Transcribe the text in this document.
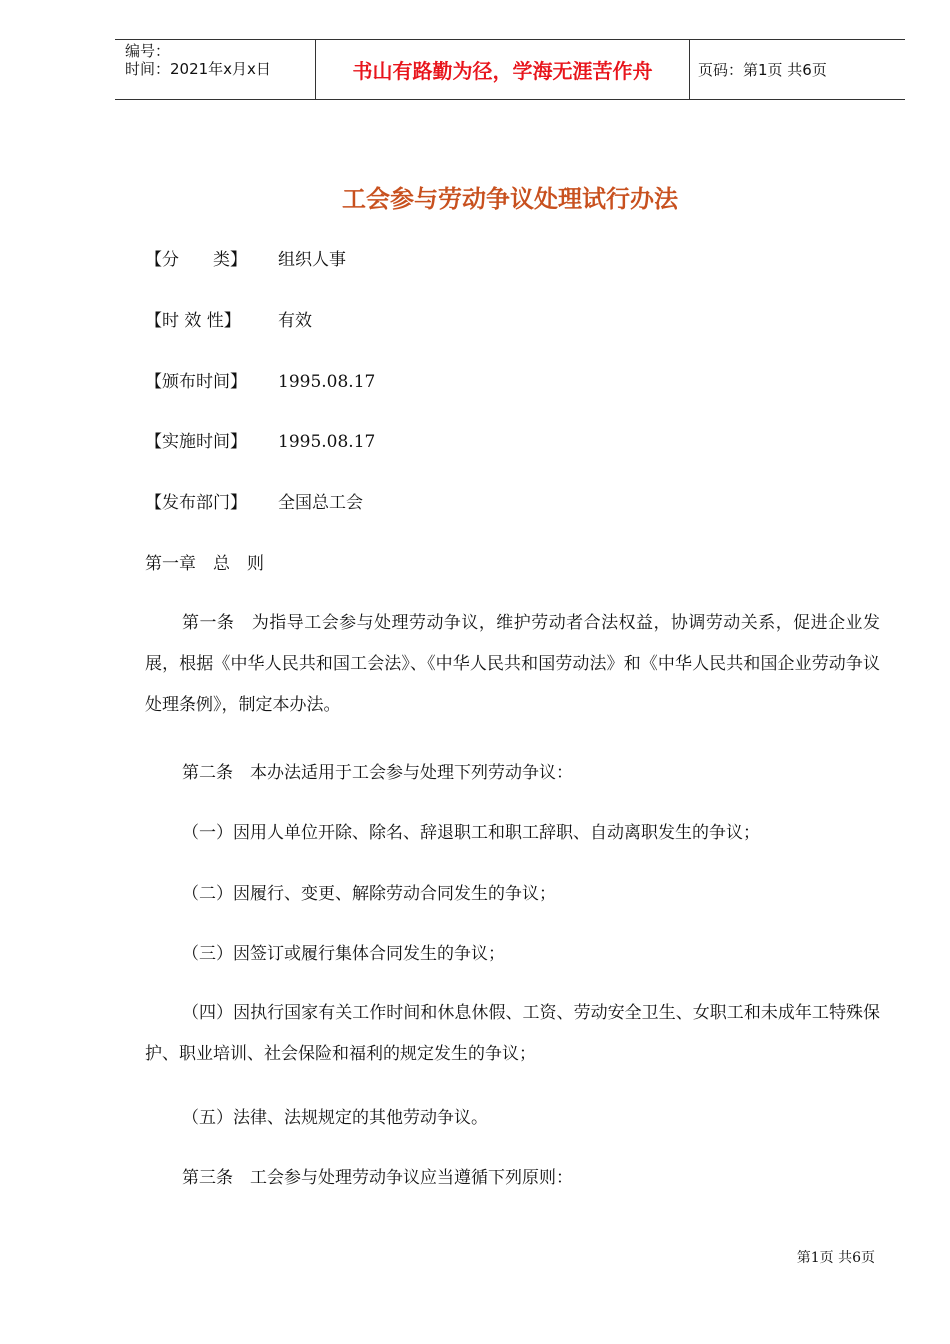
编号：
时间：2021年x月x日	书山有路勤为径，学海无涯苦作舟	页码：第1页 共6页
工会参与劳动争议处理试行办法
【分　　类】 组织人事
【时 效 性】 有效
【颁布时间】 1995.08.17
【实施时间】 1995.08.17
【发布部门】 全国总工会
第一章　总　则
第一条　为指导工会参与处理劳动争议，维护劳动者合法权益，协调劳动关系，促进企业发展，根据《中华人民共和国工会法》、《中华人民共和国劳动法》和《中华人民共和国企业劳动争议处理条例》，制定本办法。
第二条　本办法适用于工会参与处理下列劳动争议：
（一）因用人单位开除、除名、辞退职工和职工辞职、自动离职发生的争议；
（二）因履行、变更、解除劳动合同发生的争议；
（三）因签订或履行集体合同发生的争议；
（四）因执行国家有关工作时间和休息休假、工资、劳动安全卫生、女职工和未成年工特殊保护、职业培训、社会保险和福利的规定发生的争议；
（五）法律、法规规定的其他劳动争议。
第三条　工会参与处理劳动争议应当遵循下列原则：
第1页 共6页
